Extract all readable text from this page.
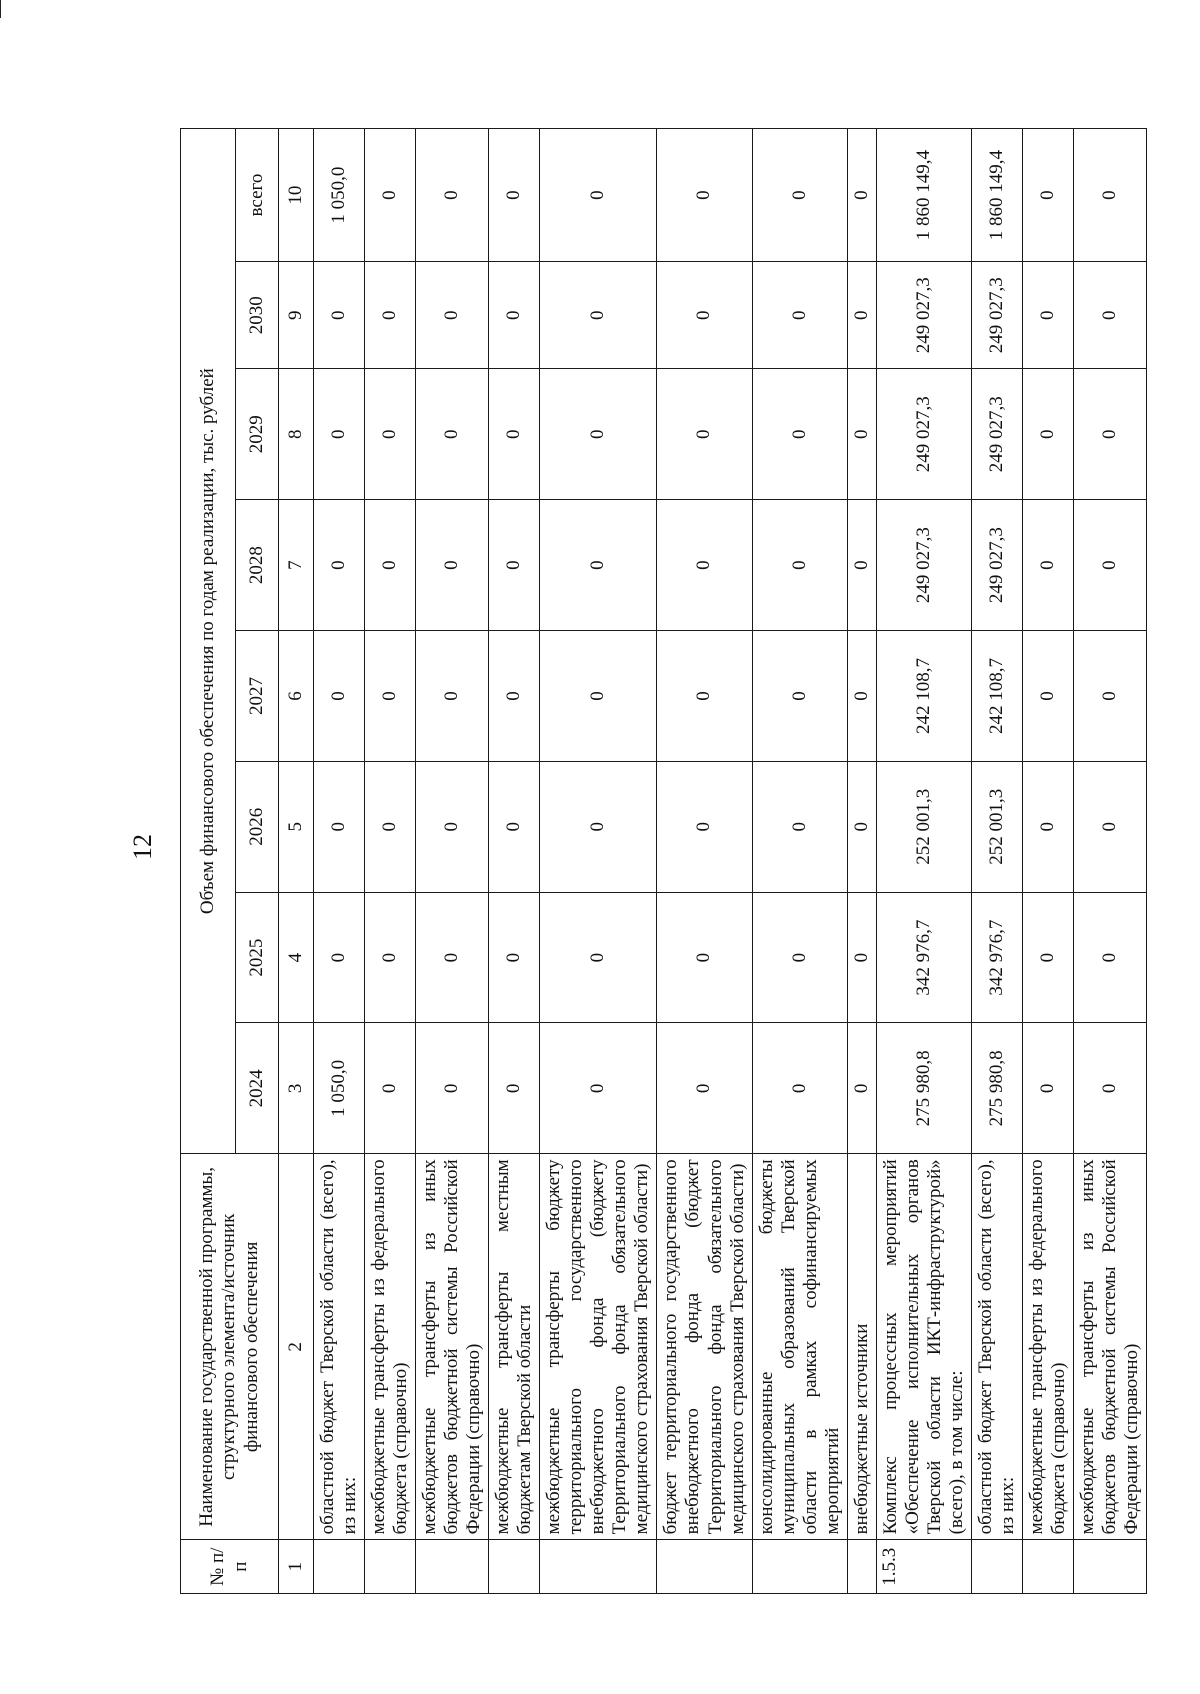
12
№ п/п	Наименование государственной программы, структурного элемента/источник финансового обеспечения	Объем финансового обеспечения по годам реализации, тыс. рублей							
		2024	2025	2026	2027	2028	2029	2030	всего
1	2	3	4	5	6	7	8	9	10
	областной бюджет Тверской области (всего), из них:	1 050,0	0	0	0	0	0	0	1 050,0
	межбюджетные трансферты из федерального бюджета (справочно)	0	0	0	0	0	0	0	0
	межбюджетные трансферты из иных бюджетов бюджетной системы Российской Федерации (справочно)	0	0	0	0	0	0	0	0
	межбюджетные трансферты местным бюджетам Тверской области	0	0	0	0	0	0	0	0
	межбюджетные трансферты бюджету территориального государственного внебюджетного фонда (бюджету Территориального фонда обязательного медицинского страхования Тверской области)	0	0	0	0	0	0	0	0
	бюджет территориального государственного внебюджетного фонда (бюджет Территориального фонда обязательного медицинского страхования Тверской области)	0	0	0	0	0	0	0	0
	консолидированные бюджеты муниципальных образований Тверской области в рамках софинансируемых мероприятий	0	0	0	0	0	0	0	0
	внебюджетные источники	0	0	0	0	0	0	0	0
1.5.3	Комплекс процессных мероприятий «Обеспечение исполнительных органов Тверской области ИКТ-инфраструктурой» (всего), в том числе:	275 980,8	342 976,7	252 001,3	242 108,7	249 027,3	249 027,3	249 027,3	1 860 149,4
	областной бюджет Тверской области (всего), из них:	275 980,8	342 976,7	252 001,3	242 108,7	249 027,3	249 027,3	249 027,3	1 860 149,4
	межбюджетные трансферты из федерального бюджета (справочно)	0	0	0	0	0	0	0	0
	межбюджетные трансферты из иных бюджетов бюджетной системы Российской Федерации (справочно)	0	0	0	0	0	0	0	0
